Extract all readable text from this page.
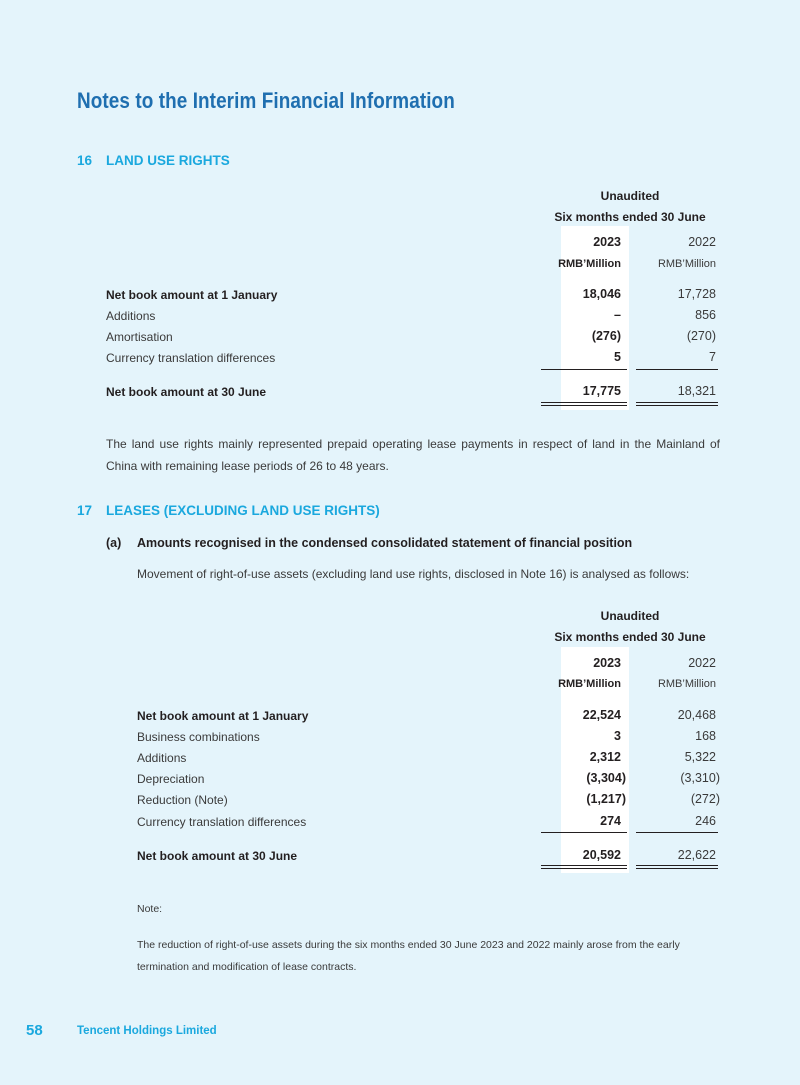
Notes to the Interim Financial Information
16 LAND USE RIGHTS
Unaudited
Six months ended 30 June
2023	2022
RMB’Million	RMB’Million
Net book amount at 1 January	18,046	17,728
Additions	–	856
Amortisation	(276)	(270)
Currency translation differences	5	7
Net book amount at 30 June	17,775	18,321
The land use rights mainly represented prepaid operating lease payments in respect of land in the Mainland of China with remaining lease periods of 26 to 48 years.
17 LEASES (EXCLUDING LAND USE RIGHTS)
(a) Amounts recognised in the condensed consolidated statement of financial position
Movement of right-of-use assets (excluding land use rights, disclosed in Note 16) is analysed as follows:
Unaudited
Six months ended 30 June
2023	2022
RMB’Million	RMB’Million
Net book amount at 1 January	22,524	20,468
Business combinations	3	168
Additions	2,312	5,322
Depreciation	(3,304)	(3,310)
Reduction (Note)	(1,217)	(272)
Currency translation differences	274	246
Net book amount at 30 June	20,592	22,622
Note:
The reduction of right-of-use assets during the six months ended 30 June 2023 and 2022 mainly arose from the early termination and modification of lease contracts.
58	Tencent Holdings Limited
